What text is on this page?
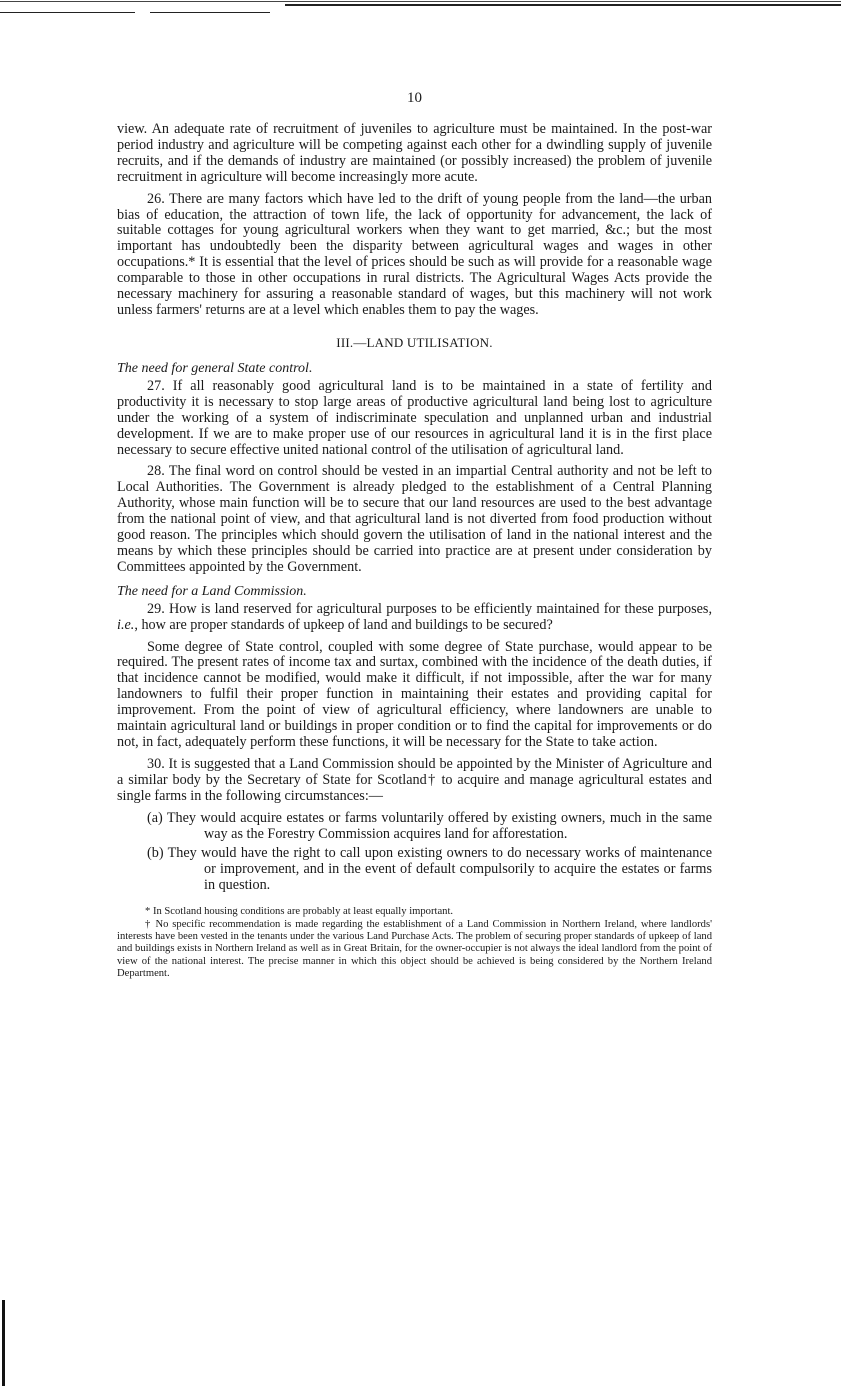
10

view. An adequate rate of recruitment of juveniles to agriculture must be maintained. In the post-war period industry and agriculture will be competing against each other for a dwindling supply of juvenile recruits, and if the demands of industry are maintained (or possibly increased) the problem of juvenile recruitment in agriculture will become increasingly more acute.

26. There are many factors which have led to the drift of young people from the land—the urban bias of education, the attraction of town life, the lack of opportunity for advancement, the lack of suitable cottages for young agricultural workers when they want to get married, &c.; but the most important has undoubtedly been the disparity between agricultural wages and wages in other occupations.* It is essential that the level of prices should be such as will provide for a reasonable wage comparable to those in other occupations in rural districts. The Agricultural Wages Acts provide the necessary machinery for assuring a reasonable standard of wages, but this machinery will not work unless farmers' returns are at a level which enables them to pay the wages.

III.—LAND UTILISATION.
The need for general State control.

27. If all reasonably good agricultural land is to be maintained in a state of fertility and productivity it is necessary to stop large areas of productive agricultural land being lost to agriculture under the working of a system of indiscriminate speculation and unplanned urban and industrial development. If we are to make proper use of our resources in agricultural land it is in the first place necessary to secure effective united national control of the utilisation of agricultural land.

28. The final word on control should be vested in an impartial Central authority and not be left to Local Authorities. The Government is already pledged to the establishment of a Central Planning Authority, whose main function will be to secure that our land resources are used to the best advantage from the national point of view, and that agricultural land is not diverted from food production without good reason. The principles which should govern the utilisation of land in the national interest and the means by which these principles should be carried into practice are at present under consideration by Committees appointed by the Government.

The need for a Land Commission.

29. How is land reserved for agricultural purposes to be efficiently maintained for these purposes, i.e., how are proper standards of upkeep of land and buildings to be secured?

Some degree of State control, coupled with some degree of State purchase, would appear to be required. The present rates of income tax and surtax, combined with the incidence of the death duties, if that incidence cannot be modified, would make it difficult, if not impossible, after the war for many landowners to fulfil their proper function in maintaining their estates and providing capital for improvement. From the point of view of agricultural efficiency, where landowners are unable to maintain agricultural land or buildings in proper condition or to find the capital for improvements or do not, in fact, adequately perform these functions, it will be necessary for the State to take action.

30. It is suggested that a Land Commission should be appointed by the Minister of Agriculture and a similar body by the Secretary of State for Scotland† to acquire and manage agricultural estates and single farms in the following circumstances:—

(a) They would acquire estates or farms voluntarily offered by existing owners, much in the same way as the Forestry Commission acquires land for afforestation.

(b) They would have the right to call upon existing owners to do necessary works of maintenance or improvement, and in the event of default compulsorily to acquire the estates or farms in question.

* In Scotland housing conditions are probably at least equally important.

† No specific recommendation is made regarding the establishment of a Land Commission in Northern Ireland, where landlords' interests have been vested in the tenants under the various Land Purchase Acts. The problem of securing proper standards of upkeep of land and buildings exists in Northern Ireland as well as in Great Britain, for the owner-occupier is not always the ideal landlord from the point of view of the national interest. The precise manner in which this object should be achieved is being considered by the Northern Ireland Department.
